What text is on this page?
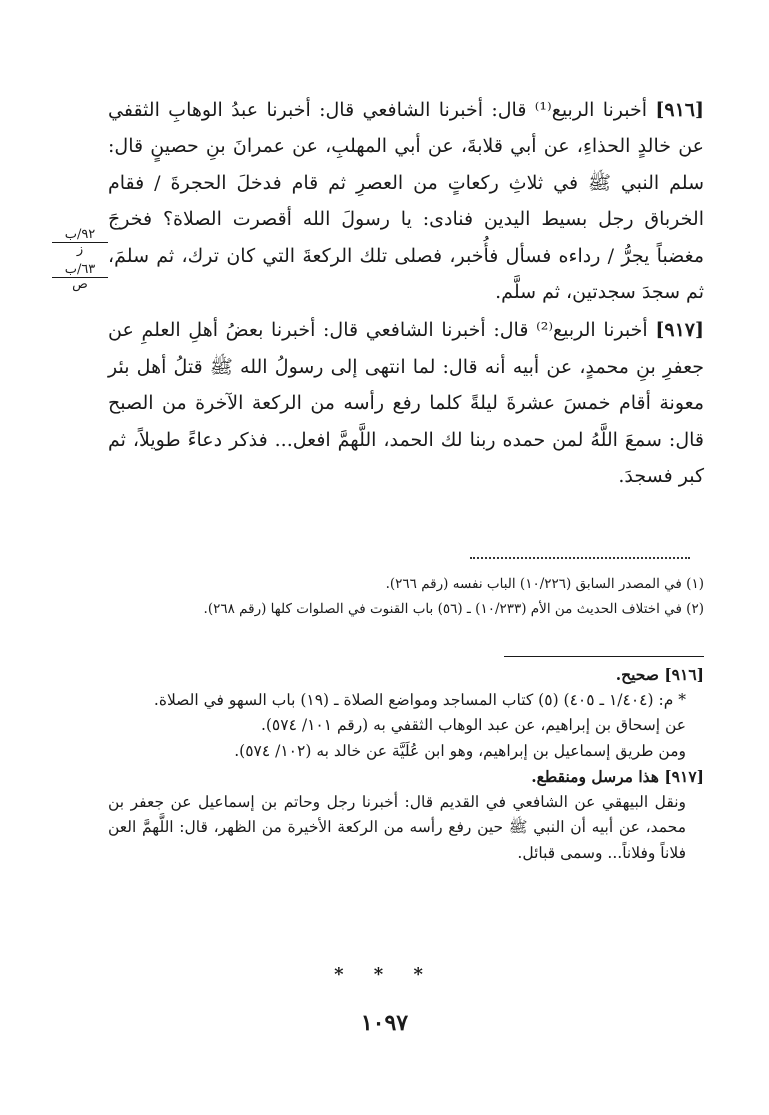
[٩١٦] أخبرنا الربيع⁽¹⁾ قال: أخبرنا الشافعي قال: أخبرنا عبدُ الوهابِ الثقفي عن خالدٍ الحذاءِ، عن أبي قلابةَ، عن أبي المهلبِ، عن عمرانَ بنِ حصينٍ قال: سلم النبي ﷺ في ثلاثِ ركعاتٍ من العصرِ ثم قام فدخلَ الحجرةَ / فقام الخرباق رجل بسيط اليدين فنادى: يا رسولَ الله أقصرت الصلاة؟ فخرجَ مغضباً يجرُّ / رداءه فسأل فأُخبر، فصلى تلك الركعةَ التي كان ترك، ثم سلمَ، ثم سجدَ سجدتين، ثم سلَّم.

[٩١٧] أخبرنا الربيع⁽²⁾ قال: أخبرنا الشافعي قال: أخبرنا بعضُ أهلِ العلمِ عن جعفرِ بنِ محمدٍ، عن أبيه أنه قال: لما انتهى إلى رسولُ الله ﷺ قتلُ أهل بئر معونة أقام خمسَ عشرةَ ليلةً كلما رفع رأسه من الركعة الآخرة من الصبح قال: سمعَ اللَّهُ لمن حمده ربنا لك الحمد، اللَّهمَّ افعل... فذكر دعاءً طويلاً، ثم كبر فسجدَ.

٩٢/ب
ز
٦٣/ب
ص
(١) في المصدر السابق (١٠/٢٢٦) الباب نفسه (رقم ٢٦٦).
(٢) في اختلاف الحديث من الأم (١٠/٢٣٣) ـ (٥٦) باب القنوت في الصلوات كلها (رقم ٢٦٨).
[٩١٦] صحيح.
* م: (١/٤٠٤ ـ ٤٠٥) (٥) كتاب المساجد ومواضع الصلاة ـ (١٩) باب السهو في الصلاة.
عن إسحاق بن إبراهيم، عن عبد الوهاب الثقفي به (رقم ١٠١/ ٥٧٤).
ومن طريق إسماعيل بن إبراهيم، وهو ابن عُلَيَّة عن خالد به (١٠٢/ ٥٧٤).
[٩١٧] هذا مرسل ومنقطع.
ونقل البيهقي عن الشافعي في القديم قال: أخبرنا رجل وحاتم بن إسماعيل عن جعفر بن محمد، عن أبيه أن النبي ﷺ حين رفع رأسه من الركعة الأخيرة من الظهر، قال: اللَّهمَّ العن فلاناً وفلاناً... وسمى قبائل.
* * *
١٠٩٧
